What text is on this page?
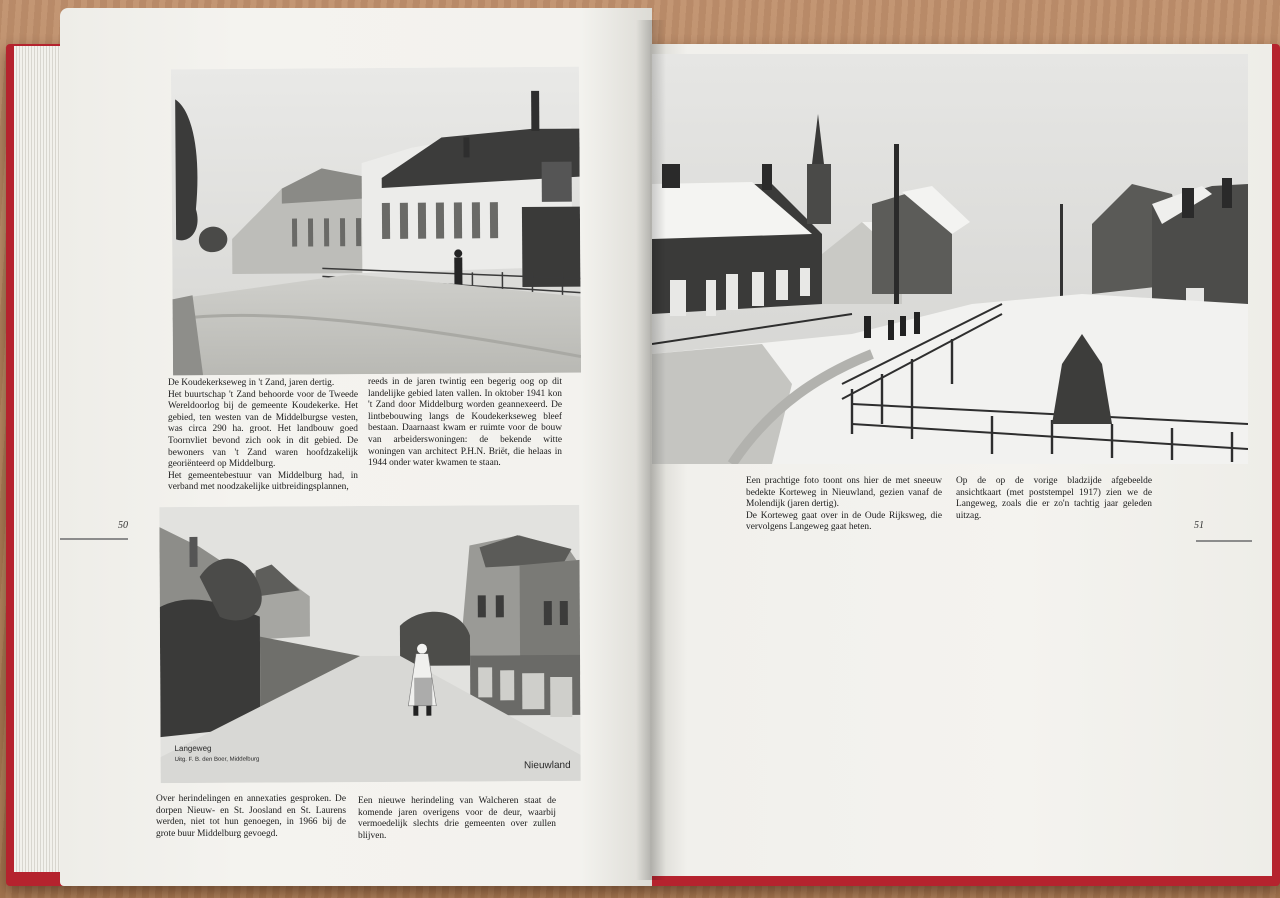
De Koudekerkseweg in 't Zand, jaren dertig.
Het buurtschap 't Zand behoorde voor de Tweede Wereldoorlog bij de gemeente Koudekerke. Het gebied, ten westen van de Middelburgse vesten, was circa 290 ha. groot. Het landbouw goed Toornvliet bevond zich ook in dit gebied. De bewoners van 't Zand waren hoofdzakelijk georiënteerd op Middelburg.
Het gemeentebestuur van Middelburg had, in verband met noodzakelijke uitbreidingsplannen,
reeds in de jaren twintig een begerig oog op dit landelijke gebied laten vallen. In oktober 1941 kon 't Zand door Middelburg worden geannexeerd. De lintbebouwing langs de Koudekerkseweg bleef bestaan. Daarnaast kwam er ruimte voor de bouw van arbeiderswoningen: de bekende witte woningen van architect P.H.N. Briët, die helaas in 1944 onder water kwamen te staan.
50
Langeweg
Uitg. F. B. den Boer, Middelburg
Nieuwland
Over herindelingen en annexaties gesproken. De dorpen Nieuw- en St. Joosland en St. Laurens werden, niet tot hun genoegen, in 1966 bij de grote buur Middelburg gevoegd.
Een nieuwe herindeling van Walcheren staat de komende jaren overigens voor de deur, waarbij vermoedelijk slechts drie gemeenten over zullen blijven.
Een prachtige foto toont ons hier de met sneeuw bedekte Korteweg in Nieuwland, gezien vanaf de Molendijk (jaren dertig).
De Korteweg gaat over in de Oude Rijksweg, die vervolgens Langeweg gaat heten.
Op de op de vorige bladzijde afgebeelde ansichtkaart (met poststempel 1917) zien we de Langeweg, zoals die er zo'n tachtig jaar geleden uitzag.
51
